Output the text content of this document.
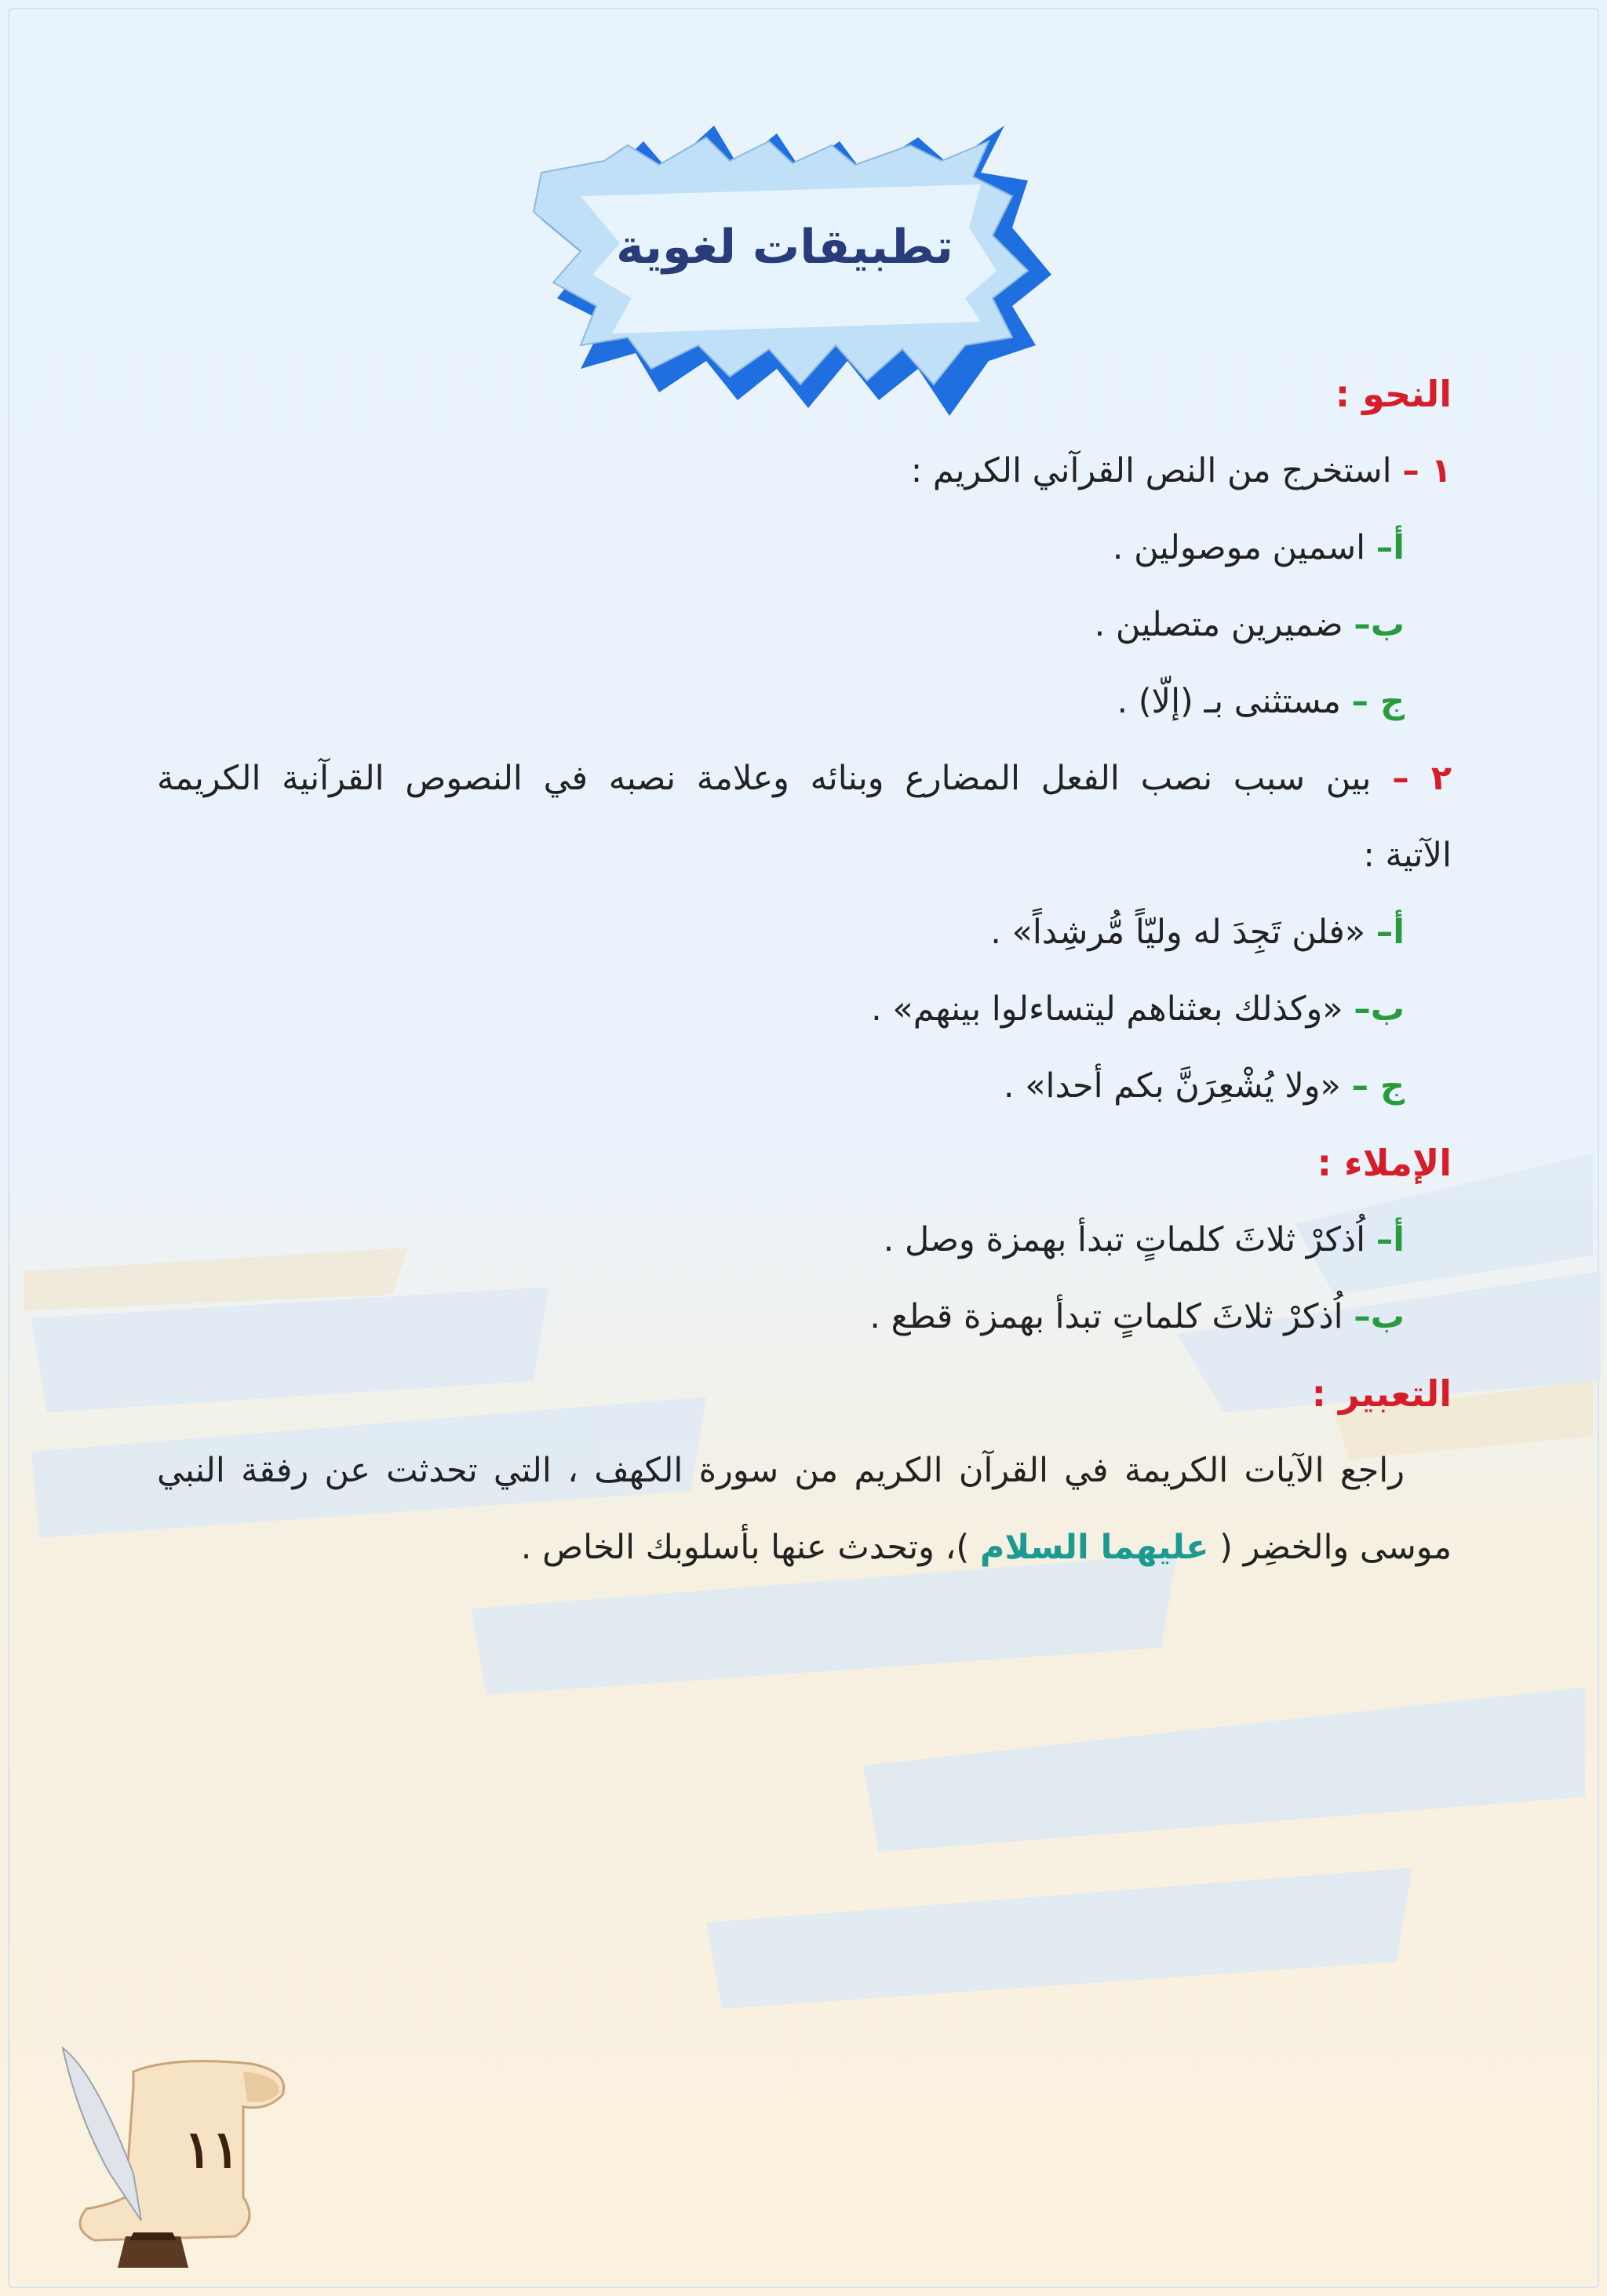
تطبيقات لغوية
النحو :
١ – استخرج من النص القرآني الكريم :
أ– اسمين موصولين .
ب– ضميرين متصلين .
ج – مستثنى بـ (إلّا) .
٢ – بين سبب نصب الفعل المضارع وبنائه وعلامة نصبه في النصوص القرآنية الكريمة
الآتية :
أ– «فلن تَجِدَ له وليّاً مُّرشِداً» .
ب– «وكذلك بعثناهم ليتساءلوا بينهم» .
ج – «ولا يُشْعِرَنَّ بكم أحدا» .
الإملاء :
أ– اُذكرْ ثلاثَ كلماتٍ تبدأ بهمزة وصل .
ب– اُذكرْ ثلاثَ كلماتٍ تبدأ بهمزة قطع .
التعبير :
راجع الآيات الكريمة في القرآن الكريم من سورة الكهف ، التي تحدثت عن رفقة النبي
موسى والخضِر ( عليهما السلام )، وتحدث عنها بأسلوبك الخاص .
١١
